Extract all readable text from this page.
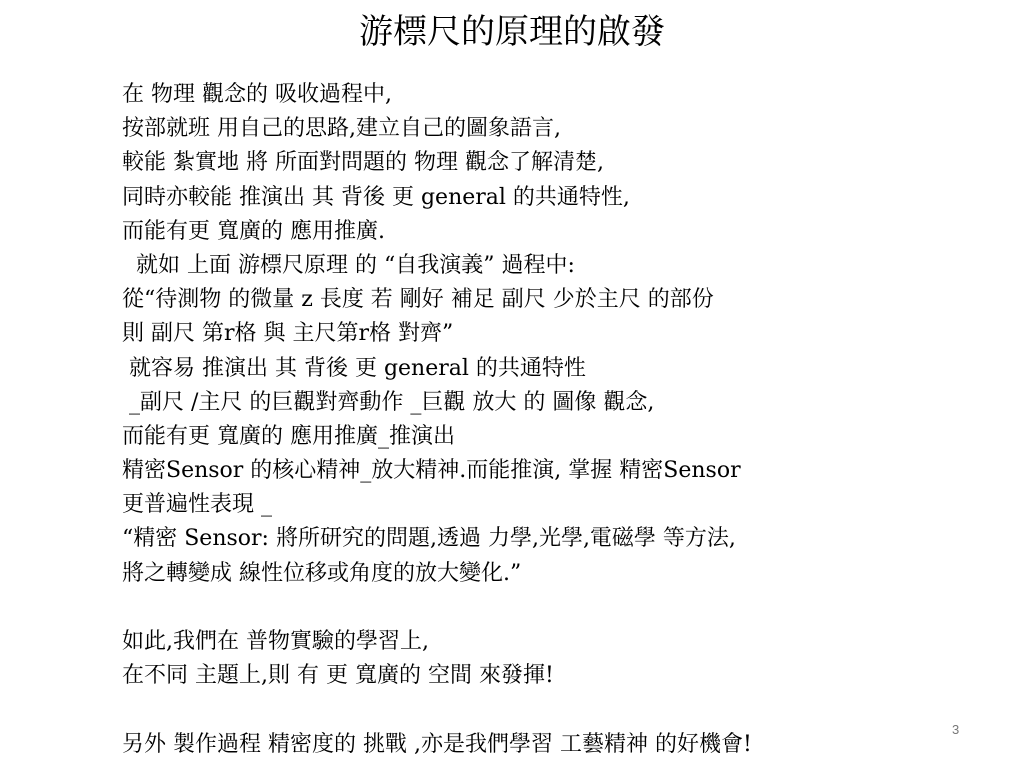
游標尺的原理的啟發
在 物理 觀念的 吸收過程中,
按部就班 用自己的思路,建立自己的圖象語言,
較能 紮實地 將 所面對問題的 物理 觀念了解清楚,
同時亦較能 推演出 其 背後 更 general 的共通特性,
而能有更 寬廣的 應用推廣.
就如 上面 游標尺原理 的 “自我演義” 過程中:
從“待測物 的微量 z 長度 若 剛好 補足 副尺 少於主尺 的部份
則 副尺 第r格 與 主尺第r格 對齊”
就容易 推演出 其 背後 更 general 的共通特性
_副尺 /主尺 的巨觀對齊動作 _巨觀 放大 的 圖像 觀念,
而能有更 寬廣的 應用推廣_推演出
精密Sensor 的核心精神_放大精神.而能推演, 掌握 精密Sensor
更普遍性表現 _
“精密 Sensor: 將所研究的問題,透過 力學,光學,電磁學 等方法,
將之轉變成 線性位移或角度的放大變化.”
如此,我們在 普物實驗的學習上,
在不同 主題上,則 有 更 寬廣的 空間 來發揮!
另外 製作過程 精密度的 挑戰 ,亦是我們學習 工藝精神 的好機會!
3
